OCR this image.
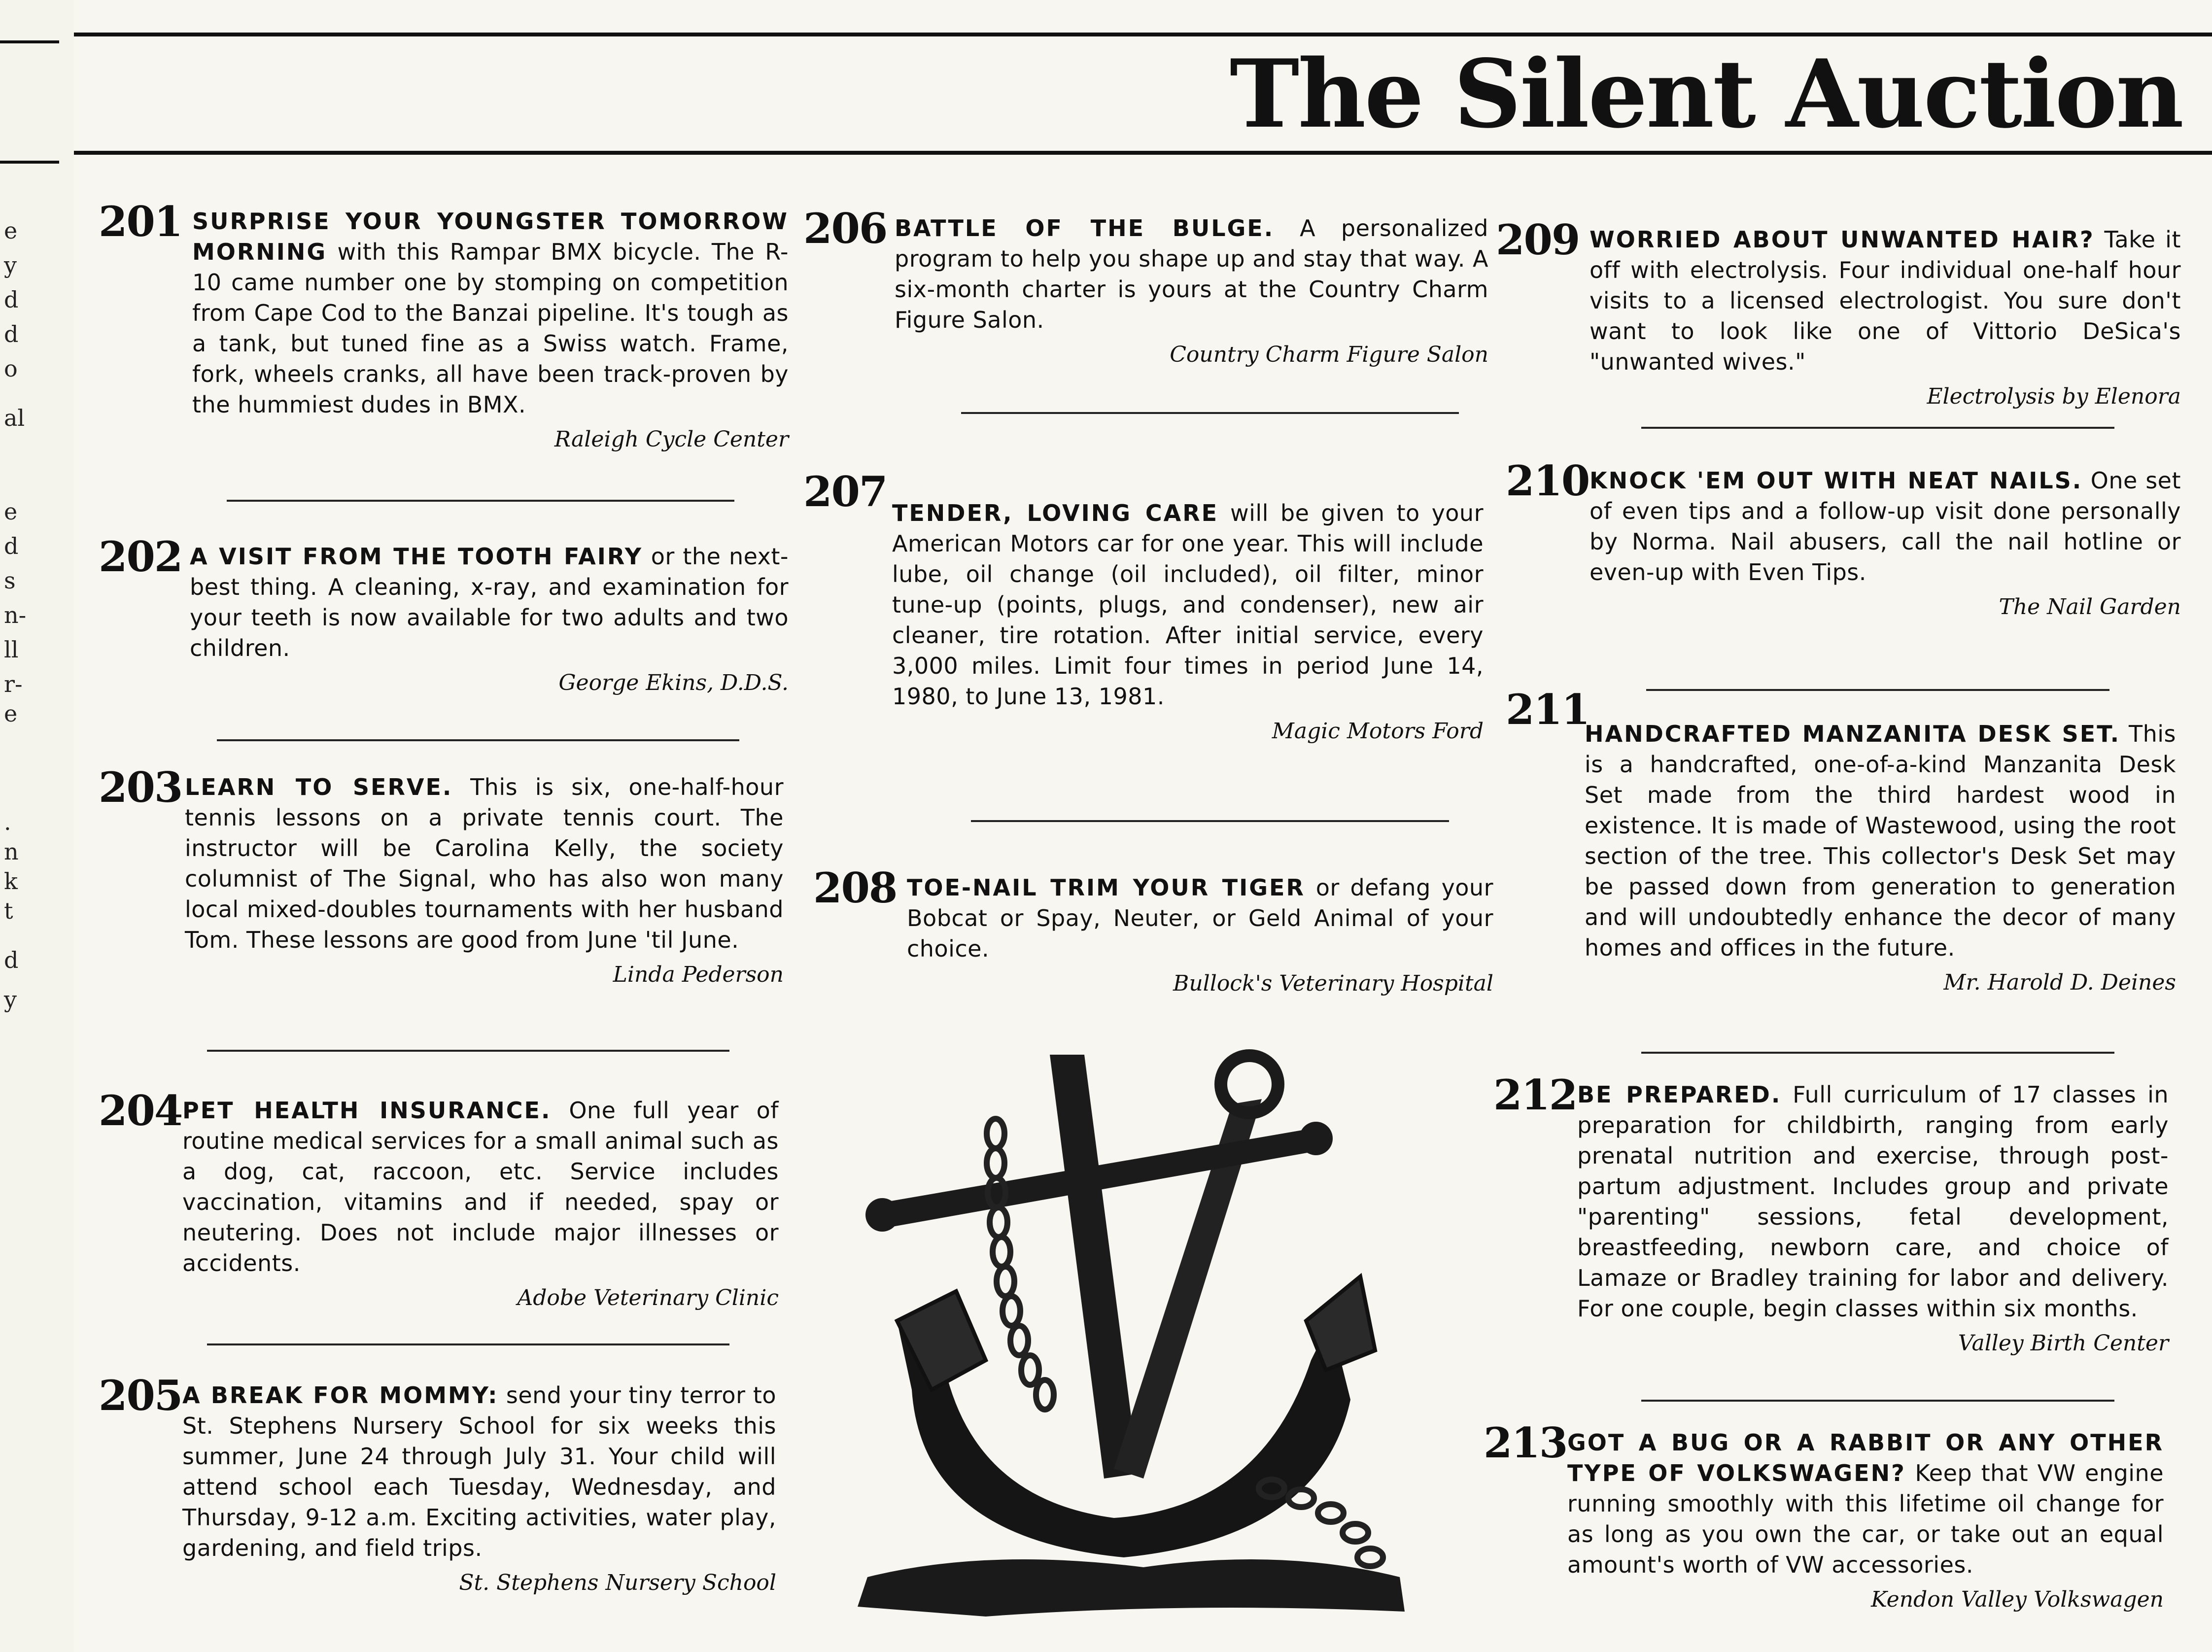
e
y
d
d
o
al
e
d
s
n-
ll
r-
e
.
n
k
t
d
y
The Silent Auction
201 SURPRISE YOUR YOUNGSTER TOMORROW MORNING with this Rampar BMX bicycle. The R-10 came number one by stomping on competition from Cape Cod to the Banzai pipeline. It's tough as a tank, but tuned fine as a Swiss watch. Frame, fork, wheels cranks, all have been track-proven by the hummiest dudes in BMX.
Raleigh Cycle Center
202 A VISIT FROM THE TOOTH FAIRY or the next-best thing. A cleaning, x-ray, and examination for your teeth is now available for two adults and two children.
George Ekins, D.D.S.
203 LEARN TO SERVE. This is six, one-half-hour tennis lessons on a private tennis court. The instructor will be Carolina Kelly, the society columnist of The Signal, who has also won many local mixed-doubles tournaments with her husband Tom. These lessons are good from June 'til June.
Linda Pederson
204 PET HEALTH INSURANCE. One full year of routine medical services for a small animal such as a dog, cat, raccoon, etc. Service includes vaccination, vitamins and if needed, spay or neutering. Does not include major illnesses or accidents.
Adobe Veterinary Clinic
205 A BREAK FOR MOMMY: send your tiny terror to St. Stephens Nursery School for six weeks this summer, June 24 through July 31. Your child will attend school each Tuesday, Wednesday, and Thursday, 9-12 a.m. Exciting activities, water play, gardening, and field trips.
St. Stephens Nursery School
206 BATTLE OF THE BULGE. A personalized program to help you shape up and stay that way. A six-month charter is yours at the Country Charm Figure Salon.
Country Charm Figure Salon
207 TENDER, LOVING CARE will be given to your American Motors car for one year. This will include lube, oil change (oil included), oil filter, minor tune-up (points, plugs, and condenser), new air cleaner, tire rotation. After initial service, every 3,000 miles. Limit four times in period June 14, 1980, to June 13, 1981.
Magic Motors Ford
208 TOE-NAIL TRIM YOUR TIGER or defang your Bobcat or Spay, Neuter, or Geld Animal of your choice.
Bullock's Veterinary Hospital
209 WORRIED ABOUT UNWANTED HAIR? Take it off with electrolysis. Four individual one-half hour visits to a licensed electrologist. You sure don't want to look like one of Vittorio DeSica's "unwanted wives."
Electrolysis by Elenora
210 KNOCK 'EM OUT WITH NEAT NAILS. One set of even tips and a follow-up visit done personally by Norma. Nail abusers, call the nail hotline or even-up with Even Tips.
The Nail Garden
211
HANDCRAFTED MANZANITA DESK SET. This is a handcrafted, one-of-a-kind Manzanita Desk Set made from the third hardest wood in existence. It is made of Wastewood, using the root section of the tree. This collector's Desk Set may be passed down from generation to generation and will undoubtedly enhance the decor of many homes and offices in the future.
Mr. Harold D. Deines
212 BE PREPARED. Full curriculum of 17 classes in preparation for childbirth, ranging from early prenatal nutrition and exercise, through post-partum adjustment. Includes group and private "parenting" sessions, fetal development, breastfeeding, newborn care, and choice of Lamaze or Bradley training for labor and delivery. For one couple, begin classes within six months.
Valley Birth Center
213 GOT A BUG OR A RABBIT OR ANY OTHER TYPE OF VOLKSWAGEN? Keep that VW engine running smoothly with this lifetime oil change for as long as you own the car, or take out an equal amount's worth of VW accessories.
Kendon Valley Volkswagen
